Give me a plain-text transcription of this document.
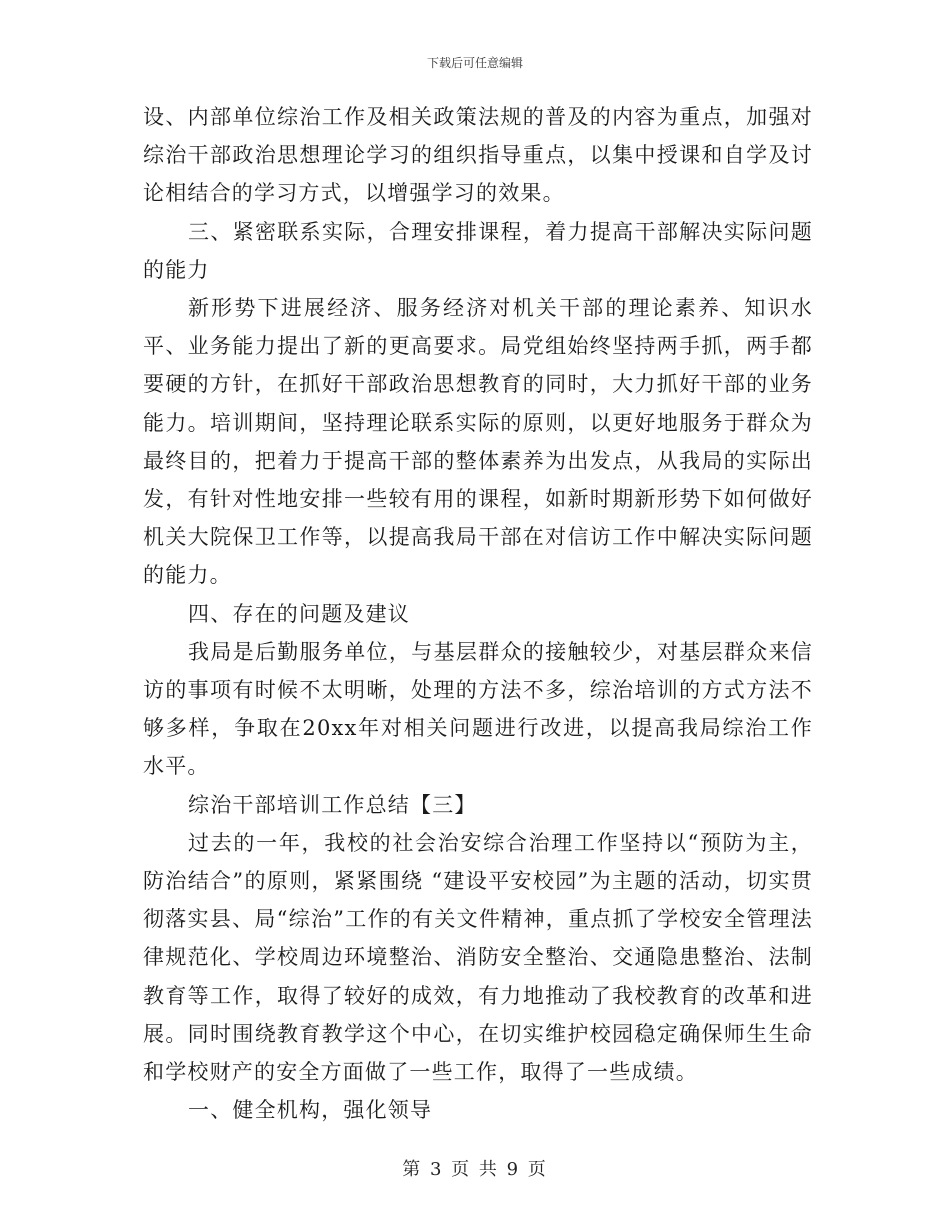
下载后可任意编辑

设、内部单位综治工作及相关政策法规的普及的内容为重点，加强对综治干部政治思想理论学习的组织指导重点，以集中授课和自学及讨论相结合的学习方式，以增强学习的效果。

三、紧密联系实际，合理安排课程，着力提高干部解决实际问题的能力

新形势下进展经济、服务经济对机关干部的理论素养、知识水平、业务能力提出了新的更高要求。局党组始终坚持两手抓，两手都要硬的方针，在抓好干部政治思想教育的同时，大力抓好干部的业务能力。培训期间，坚持理论联系实际的原则，以更好地服务于群众为最终目的，把着力于提高干部的整体素养为出发点，从我局的实际出发，有针对性地安排一些较有用的课程，如新时期新形势下如何做好机关大院保卫工作等，以提高我局干部在对信访工作中解决实际问题的能力。

四、存在的问题及建议

我局是后勤服务单位，与基层群众的接触较少，对基层群众来信访的事项有时候不太明晰，处理的方法不多，综治培训的方式方法不够多样，争取在20xx年对相关问题进行改进，以提高我局综治工作水平。

综治干部培训工作总结【三】

过去的一年，我校的社会治安综合治理工作坚持以“预防为主，防治结合”的原则，紧紧围绕 “建设平安校园”为主题的活动，切实贯彻落实县、局“综治”工作的有关文件精神，重点抓了学校安全管理法律规范化、学校周边环境整治、消防安全整治、交通隐患整治、法制教育等工作，取得了较好的成效，有力地推动了我校教育的改革和进展。同时围绕教育教学这个中心，在切实维护校园稳定确保师生生命和学校财产的安全方面做了一些工作，取得了一些成绩。

一、健全机构，强化领导

第 3 页 共 9 页
